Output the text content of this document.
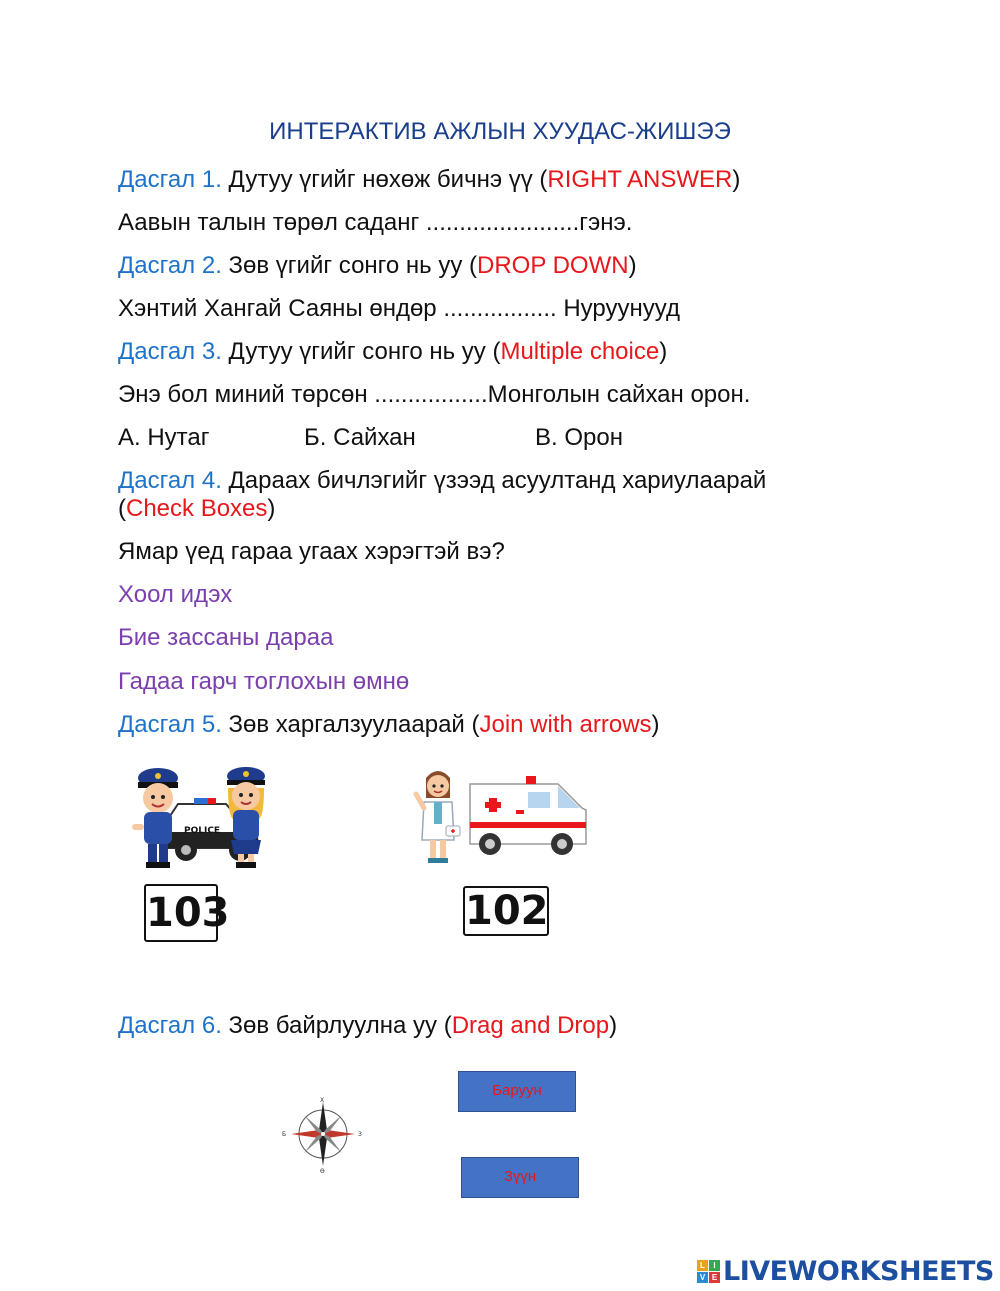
ИНТЕРАКТИВ АЖЛЫН ХУУДАС-ЖИШЭЭ
Дасгал 1. Дутуу үгийг нөхөж бичнэ үү (RIGHT ANSWER)
Аавын талын төрөл саданг .......................гэнэ.
Дасгал 2. Зөв үгийг сонго нь уу (DROP DOWN)
Хэнтий Хангай Саяны өндөр ................. Нуруунууд
Дасгал 3. Дутуу үгийг сонго нь уу (Multiple choice)
Энэ бол миний төрсөн .................Монголын сайхан орон.
А. Нутаг	Б. Сайхан	В. Орон
Дасгал 4. Дараах бичлэгийг үзээд асуултанд хариулаарай
(Check Boxes)
Ямар үед гараа угаах хэрэгтэй вэ?
Хоол идэх
Бие зассаны дараа
Гадаа гарч тоглохын өмнө
Дасгал 5. Зөв харгалзуулаарай (Join with arrows)
POLICE
103	102
Дасгал 6. Зөв байрлуулна уу (Drag and Drop)
Х
Ө
Б	З
Баруун
Зүүн
L	I
V E LIVEWORKSHEETS
